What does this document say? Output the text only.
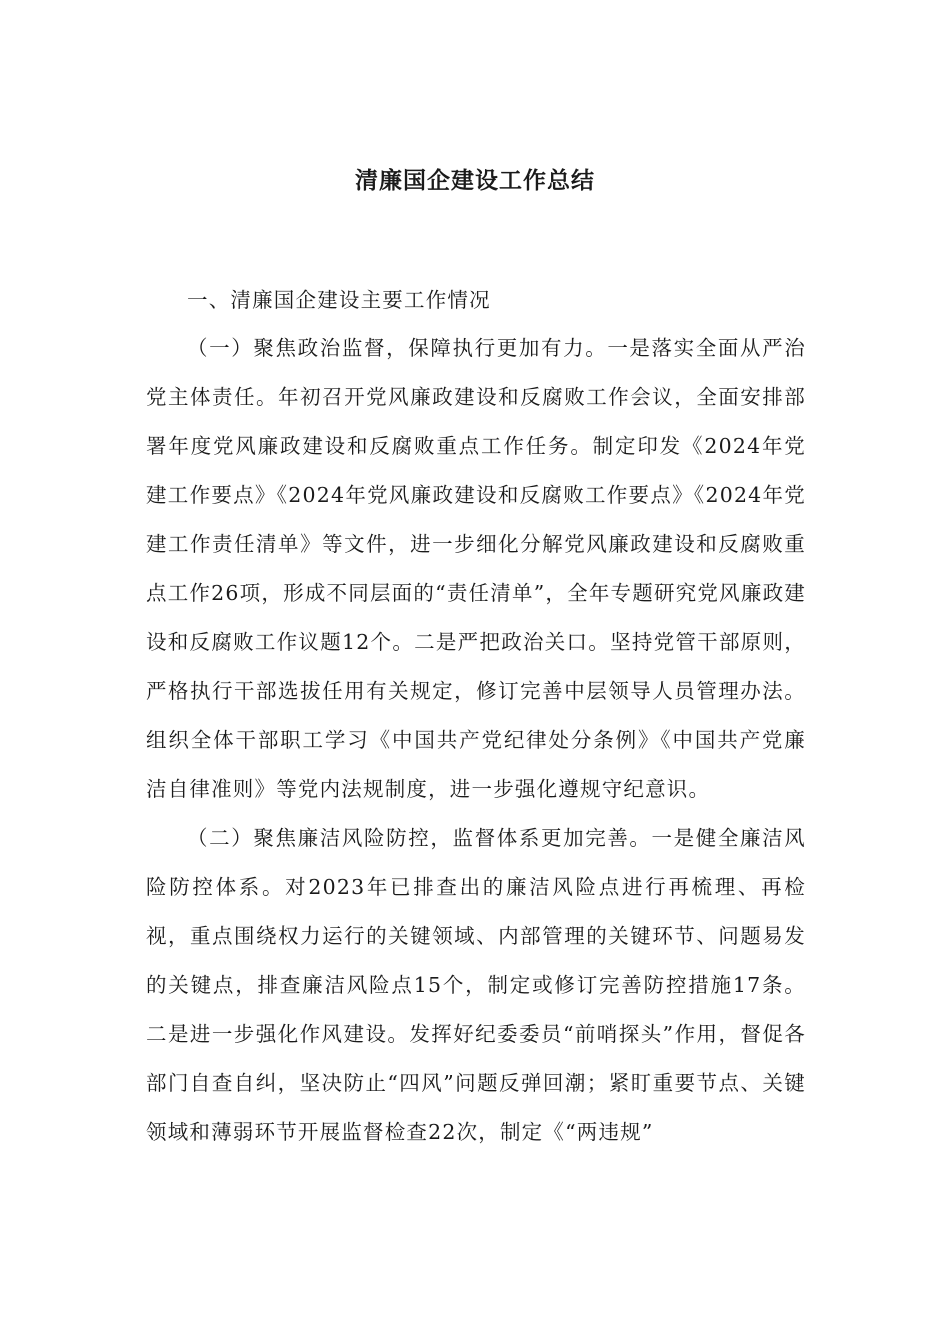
清廉国企建设工作总结

一、清廉国企建设主要工作情况

（一）聚焦政治监督，保障执行更加有力。一是落实全面从严治党主体责任。年初召开党风廉政建设和反腐败工作会议，全面安排部署年度党风廉政建设和反腐败重点工作任务。制定印发《2024年党建工作要点》《2024年党风廉政建设和反腐败工作要点》《2024年党建工作责任清单》等文件，进一步细化分解党风廉政建设和反腐败重点工作26项，形成不同层面的“责任清单”，全年专题研究党风廉政建设和反腐败工作议题12个。二是严把政治关口。坚持党管干部原则，严格执行干部选拔任用有关规定，修订完善中层领导人员管理办法。组织全体干部职工学习《中国共产党纪律处分条例》《中国共产党廉洁自律准则》等党内法规制度，进一步强化遵规守纪意识。

（二）聚焦廉洁风险防控，监督体系更加完善。一是健全廉洁风险防控体系。对2023年已排查出的廉洁风险点进行再梳理、再检视，重点围绕权力运行的关键领域、内部管理的关键环节、问题易发的关键点，排查廉洁风险点15个，制定或修订完善防控措施17条。二是进一步强化作风建设。发挥好纪委委员“前哨探头”作用，督促各部门自查自纠，坚决防止“四风”问题反弹回潮；紧盯重要节点、关键领域和薄弱环节开展监督检查22次，制定《“两违规”
